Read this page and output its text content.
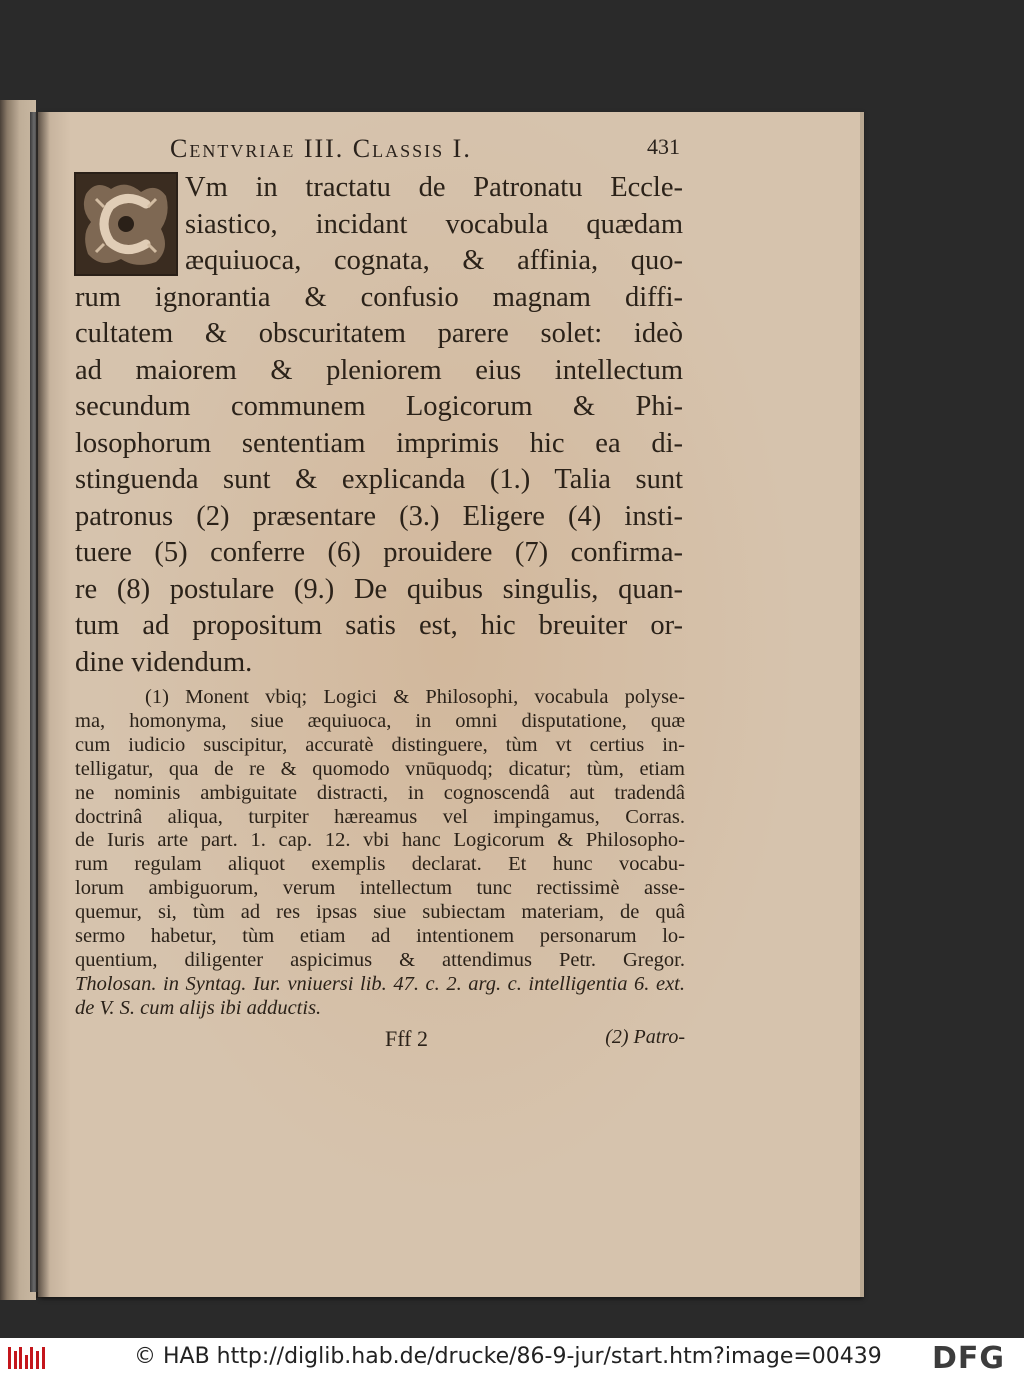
Centvriae III. Classis I.	431
Vm in tractatu de Patronatu Eccle-
siastico, incidant vocabula quædam
æquiuoca, cognata, & affinia, quo-
rum ignorantia & confusio magnam diffi-
cultatem & obscuritatem parere solet: ideò
ad maiorem & pleniorem eius intellectum
secundum communem Logicorum & Phi-
losophorum sententiam imprimis hic ea di-
stinguenda sunt & explicanda (1.) Talia sunt
patronus (2) præsentare (3.) Eligere (4) insti-
tuere (5) conferre (6) prouidere (7) confirma-
re (8) postulare (9.) De quibus singulis, quan-
tum ad propositum satis est, hic breuiter or-
dine videndum.
(1) Monent vbiq; Logici & Philosophi, vocabula polyse-
ma, homonyma, siue æquiuoca, in omni disputatione, quæ
cum iudicio suscipitur, accuratè distinguere, tùm vt certius in-
telligatur, qua de re & quomodo vnūquodq; dicatur; tùm, etiam
ne nominis ambiguitate distracti, in cognoscendâ aut tradendâ
doctrinâ aliqua, turpiter hæreamus vel impingamus, Corras.
de Iuris arte part. 1. cap. 12. vbi hanc Logicorum & Philosopho-
rum regulam aliquot exemplis declarat. Et hunc vocabu-
lorum ambiguorum, verum intellectum tunc rectissimè asse-
quemur, si, tùm ad res ipsas siue subiectam materiam, de quâ
sermo habetur, tùm etiam ad intentionem personarum lo-
quentium, diligenter aspicimus & attendimus Petr. Gregor.
Tholosan. in Syntag. Iur. vniuersi lib. 47. c. 2. arg. c. intelligentia 6. ext.
de V. S. cum alijs ibi adductis.
Fff 2	(2) Patro-
© HAB http://diglib.hab.de/drucke/86-9-jur/start.htm?image=00439 DFG
